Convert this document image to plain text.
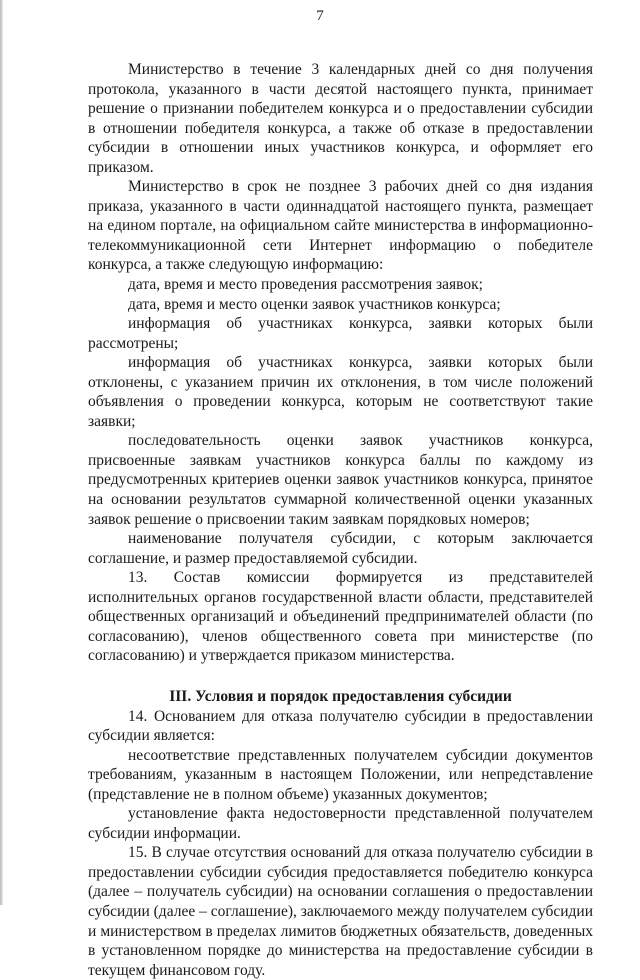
7

Министерство в течение 3 календарных дней со дня получения протокола, указанного в части десятой настоящего пункта, принимает решение о признании победителем конкурса и о предоставлении субсидии в отношении победителя конкурса, а также об отказе в предоставлении субсидии в отношении иных участников конкурса, и оформляет его приказом.

Министерство в срок не позднее 3 рабочих дней со дня издания приказа, указанного в части одиннадцатой настоящего пункта, размещает на едином портале, на официальном сайте министерства в информационно-телекоммуникационной сети Интернет информацию о победителе конкурса, а также следующую информацию:

дата, время и место проведения рассмотрения заявок;

дата, время и место оценки заявок участников конкурса;

информация об участниках конкурса, заявки которых были рассмотрены;

информация об участниках конкурса, заявки которых были отклонены, с указанием причин их отклонения, в том числе положений объявления о проведении конкурса, которым не соответствуют такие заявки;

последовательность оценки заявок участников конкурса, присвоенные заявкам участников конкурса баллы по каждому из предусмотренных критериев оценки заявок участников конкурса, принятое на основании результатов суммарной количественной оценки указанных заявок решение о присвоении таким заявкам порядковых номеров;

наименование получателя субсидии, с которым заключается соглашение, и размер предоставляемой субсидии.

13. Состав комиссии формируется из представителей исполнительных органов государственной власти области, представителей общественных организаций и объединений предпринимателей области (по согласованию), членов общественного совета при министерстве (по согласованию) и утверждается приказом министерства.

III. Условия и порядок предоставления субсидии

14. Основанием для отказа получателю субсидии в предоставлении субсидии является:

несоответствие представленных получателем субсидии документов требованиям, указанным в настоящем Положении, или непредставление (представление не в полном объеме) указанных документов;

установление факта недостоверности представленной получателем субсидии информации.

15. В случае отсутствия оснований для отказа получателю субсидии в предоставлении субсидии субсидия предоставляется победителю конкурса (далее – получатель субсидии) на основании соглашения о предоставлении субсидии (далее – соглашение), заключаемого между получателем субсидии и министерством в пределах лимитов бюджетных обязательств, доведенных в установленном порядке до министерства на предоставление субсидии в текущем финансовом году.
